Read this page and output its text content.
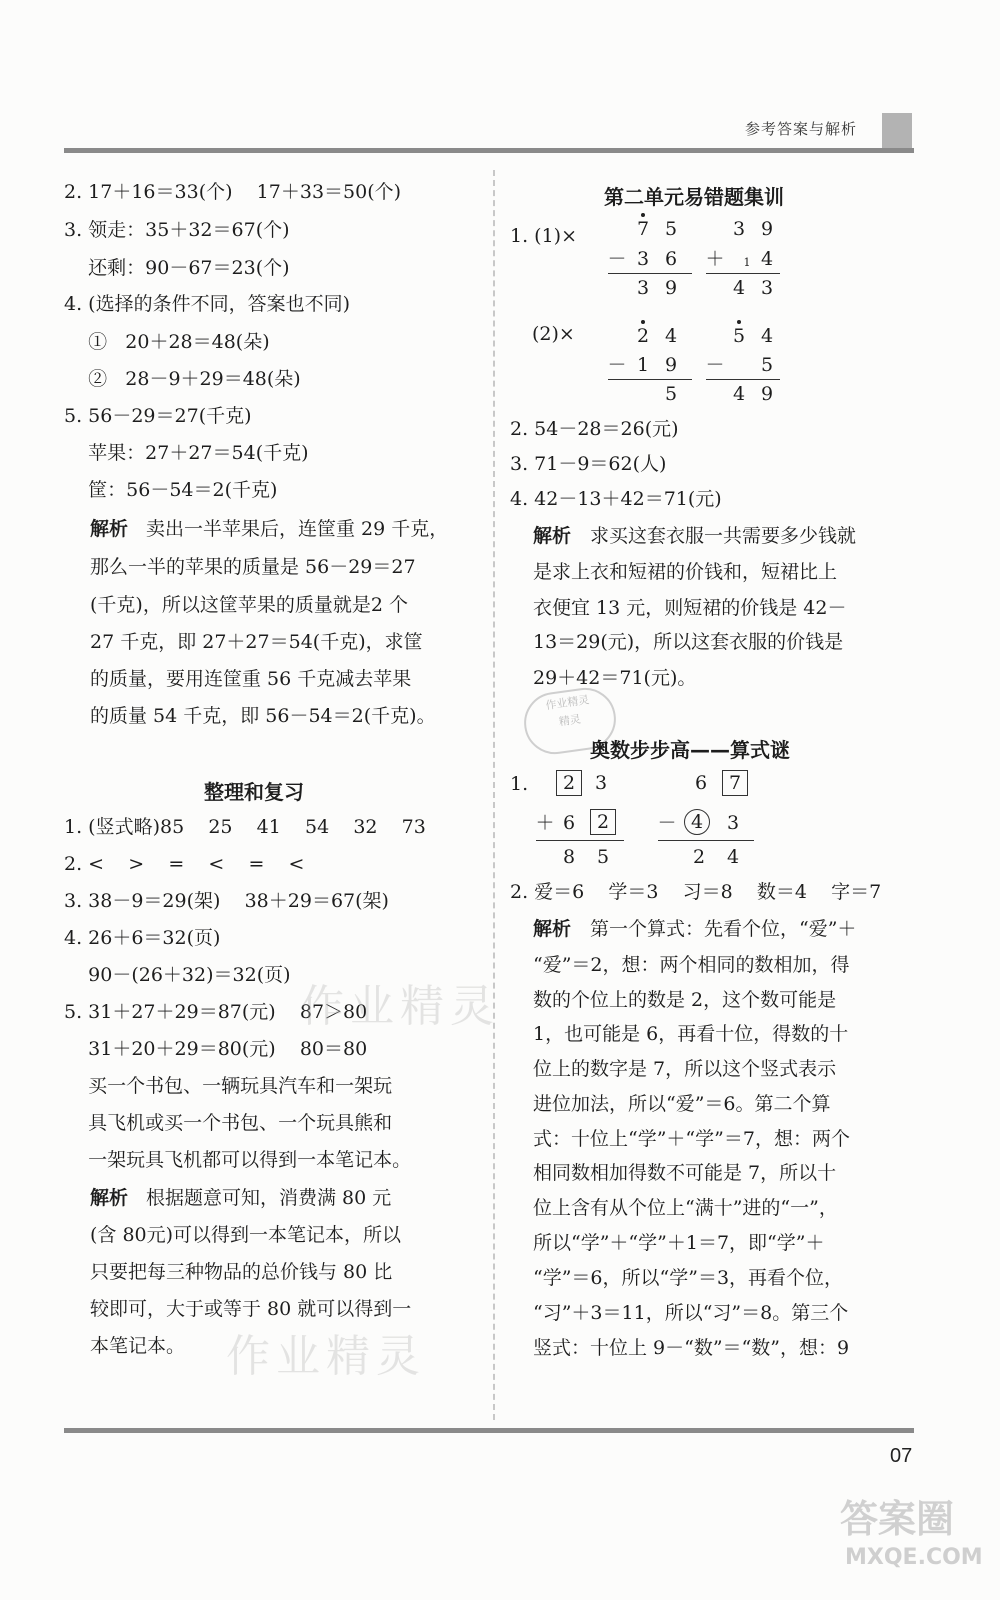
参考答案与解析
2. 17＋16＝33(个)    17＋33＝50(个)
3. 领走：35＋32＝67(个)
还剩：90－67＝23(个)
4. (选择的条件不同，答案也不同)
①   20＋28＝48(朵)
②   28－9＋29＝48(朵)
5. 56－29＝27(千克)
苹果：27＋27＝54(千克)
筐：56－54＝2(千克)
解析 卖出一半苹果后，连筐重 29 千克，
那么一半的苹果的质量是 56－29＝27
(千克)，所以这筐苹果的质量就是2 个
27 千克，即 27＋27＝54(千克)，求筐
的质量，要用连筐重 56 千克减去苹果
的质量 54 千克，即 56－54＝2(千克)。
整理和复习
1. (竖式略)85    25    41    54    32    73
2. <    >    =    <    =    <
3. 38－9＝29(架)    38＋29＝67(架)
4. 26＋6＝32(页)
90－(26＋32)＝32(页)
5. 31＋27＋29＝87(元)    87＞80
31＋20＋29＝80(元)    80＝80
买一个书包、一辆玩具汽车和一架玩
具飞机或买一个书包、一个玩具熊和
一架玩具飞机都可以得到一本笔记本。
解析 根据题意可知，消费满 80 元
(含 80元)可以得到一本笔记本，所以
只要把每三种物品的总价钱与 80 比
较即可，大于或等于 80 就可以得到一
本笔记本。
第二单元易错题集训
1. (1)×	7 5
－ 3 6
3 9
3 9
＋	1 4
4 3
(2)×	2 4
－ 1 9
5
5 4
－ 5
4 9
2. 54－28＝26(元)
3. 71－9＝62(人)
4. 42－13＋42＝71(元)
解析 求买这套衣服一共需要多少钱就
是求上衣和短裙的价钱和，短裙比上
衣便宜 13 元，则短裙的价钱是 42－
13＝29(元)，所以这套衣服的价钱是
29＋42＝71(元)。
作业精灵
精灵
奥数步步高——算式谜
1.	2	3
＋ 6	2
8 5
6	7
－ 4	3
2 4
2. 爱＝6    学＝3    习＝8    数＝4    字＝7
解析 第一个算式：先看个位，“爱”＋
“爱”＝2，想：两个相同的数相加，得
数的个位上的数是 2，这个数可能是
1，也可能是 6，再看十位，得数的十
位上的数字是 7，所以这个竖式表示
进位加法，所以“爱”＝6。第二个算
式：十位上“学”＋“学”＝7，想：两个
相同数相加得数不可能是 7，所以十
位上含有从个位上“满十”进的“一”，
所以“学”＋“学”＋1＝7，即“学”＋
“学”＝6，所以“学”＝3，再看个位，
“习”＋3＝11，所以“习”＝8。第三个
竖式：十位上 9－“数”＝“数”，想：9
作业精灵
作业精灵
07
答案圈
MXQE.COM
